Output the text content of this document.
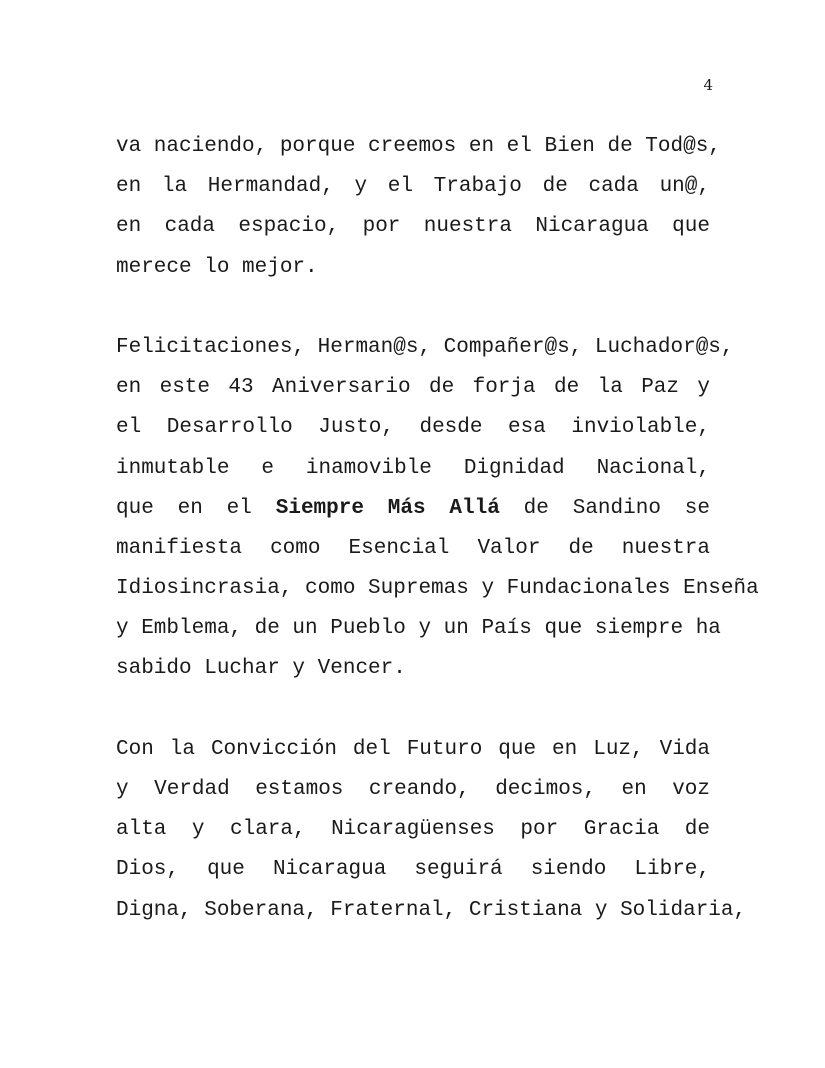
4

va naciendo, porque creemos en el Bien de Tod@s,
en la Hermandad, y el Trabajo de cada un@,
en cada espacio, por nuestra Nicaragua que
merece lo mejor.

Felicitaciones, Herman@s, Compañer@s, Luchador@s,
en este 43 Aniversario de forja de la Paz y
el Desarrollo Justo, desde esa inviolable,
inmutable e inamovible Dignidad Nacional,
que en el Siempre Más Allá de Sandino se
manifiesta como Esencial Valor de nuestra
Idiosincrasia, como Supremas y Fundacionales Enseña
y Emblema, de un Pueblo y un País que siempre ha
sabido Luchar y Vencer.

Con la Convicción del Futuro que en Luz, Vida
y Verdad estamos creando, decimos, en voz
alta y clara, Nicaragüenses por Gracia de
Dios, que Nicaragua seguirá siendo Libre,
Digna, Soberana, Fraternal, Cristiana y Solidaria,
